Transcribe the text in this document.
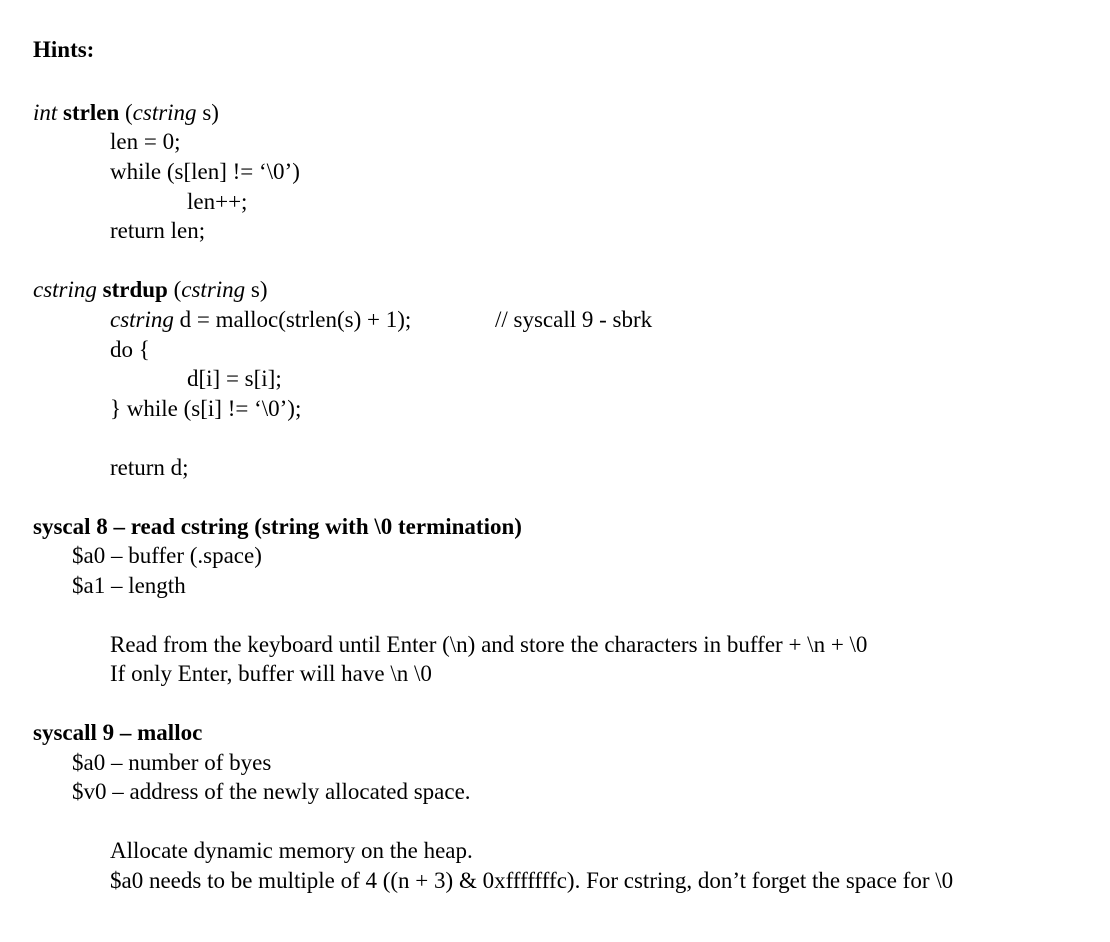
Hints:
int strlen (cstring s)
len = 0;
while (s[len] != ‘\0’)
len++;
return len;
cstring strdup (cstring s)
cstring d = malloc(strlen(s) + 1);	// syscall 9 - sbrk
do {
d[i] = s[i];
} while (s[i] != ‘\0’);
return d;
syscal 8 – read cstring (string with \0 termination)
$a0 – buffer (.space)
$a1 – length
Read from the keyboard until Enter (\n) and store the characters in buffer + \n + \0
If only Enter, buffer will have \n \0
syscall 9 – malloc
$a0 – number of byes
$v0 – address of the newly allocated space.
Allocate dynamic memory on the heap.
$a0 needs to be multiple of 4 ((n + 3) & 0xfffffffc). For cstring, don’t forget the space for \0
